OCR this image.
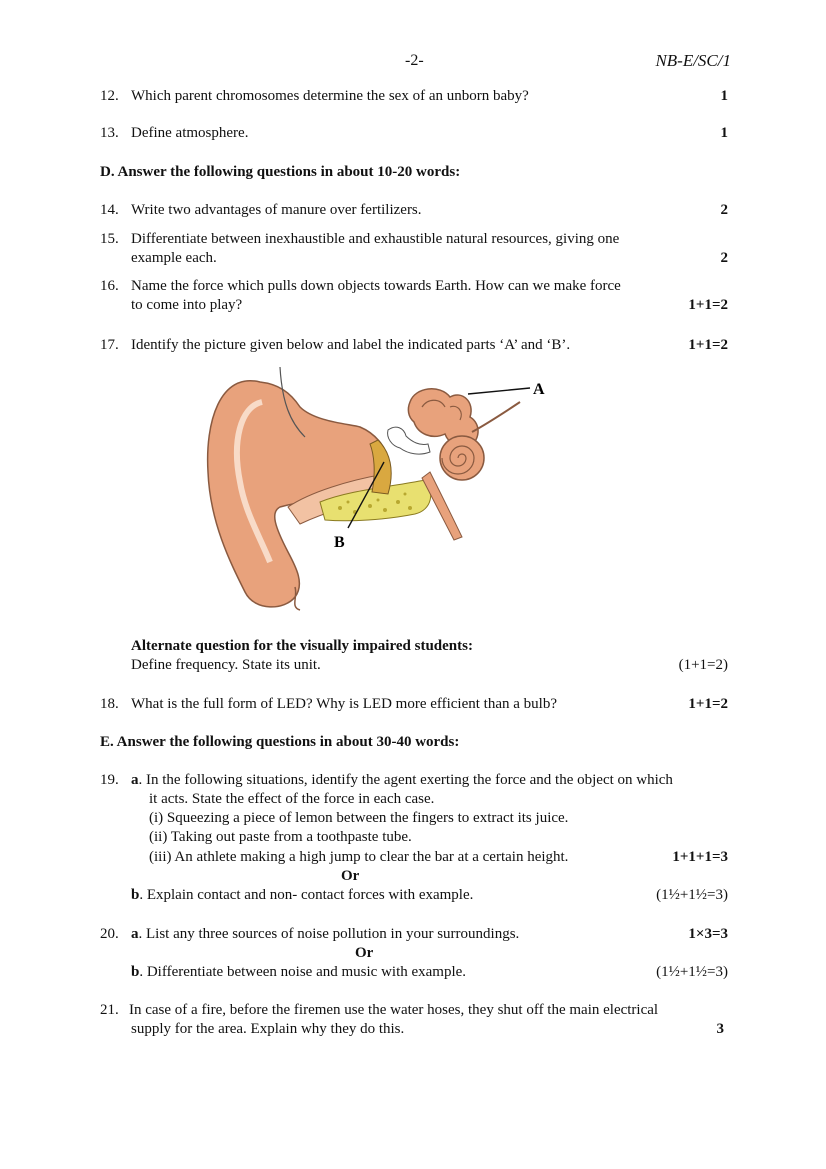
-2-	NB-E/SC/1
12. Which parent chromosomes determine the sex of an unborn baby?	1
13. Define atmosphere.	1
D. Answer the following questions in about 10-20 words:
14. Write two advantages of manure over fertilizers.	2
15. Differentiate between inexhaustible and exhaustible natural resources, giving one
example each.	2
16. Name the force which pulls down objects towards Earth. How can we make force
to come into play?	1+1=2
17. Identify the picture given below and label the indicated parts ‘A’ and ‘B’.	1+1=2
A
B
Alternate question for the visually impaired students:
Define frequency. State its unit.	(1+1=2)
18. What is the full form of LED? Why is LED more efficient than a bulb?	1+1=2
E. Answer the following questions in about 30-40 words:
19. a. In the following situations, identify the agent exerting the force and the object on which
it acts. State the effect of the force in each case.
(i) Squeezing a piece of lemon between the fingers to extract its juice.
(ii) Taking out paste from a toothpaste tube.
(iii) An athlete making a high jump to clear the bar at a certain height.	1+1+1=3
Or
b. Explain contact and non- contact forces with example.	(1½+1½=3)
20. a. List any three sources of noise pollution in your surroundings.	1×3=3
Or
b. Differentiate between noise and music with example.	(1½+1½=3)
21. In case of a fire, before the firemen use the water hoses, they shut off the main electrical
supply for the area. Explain why they do this.	3
